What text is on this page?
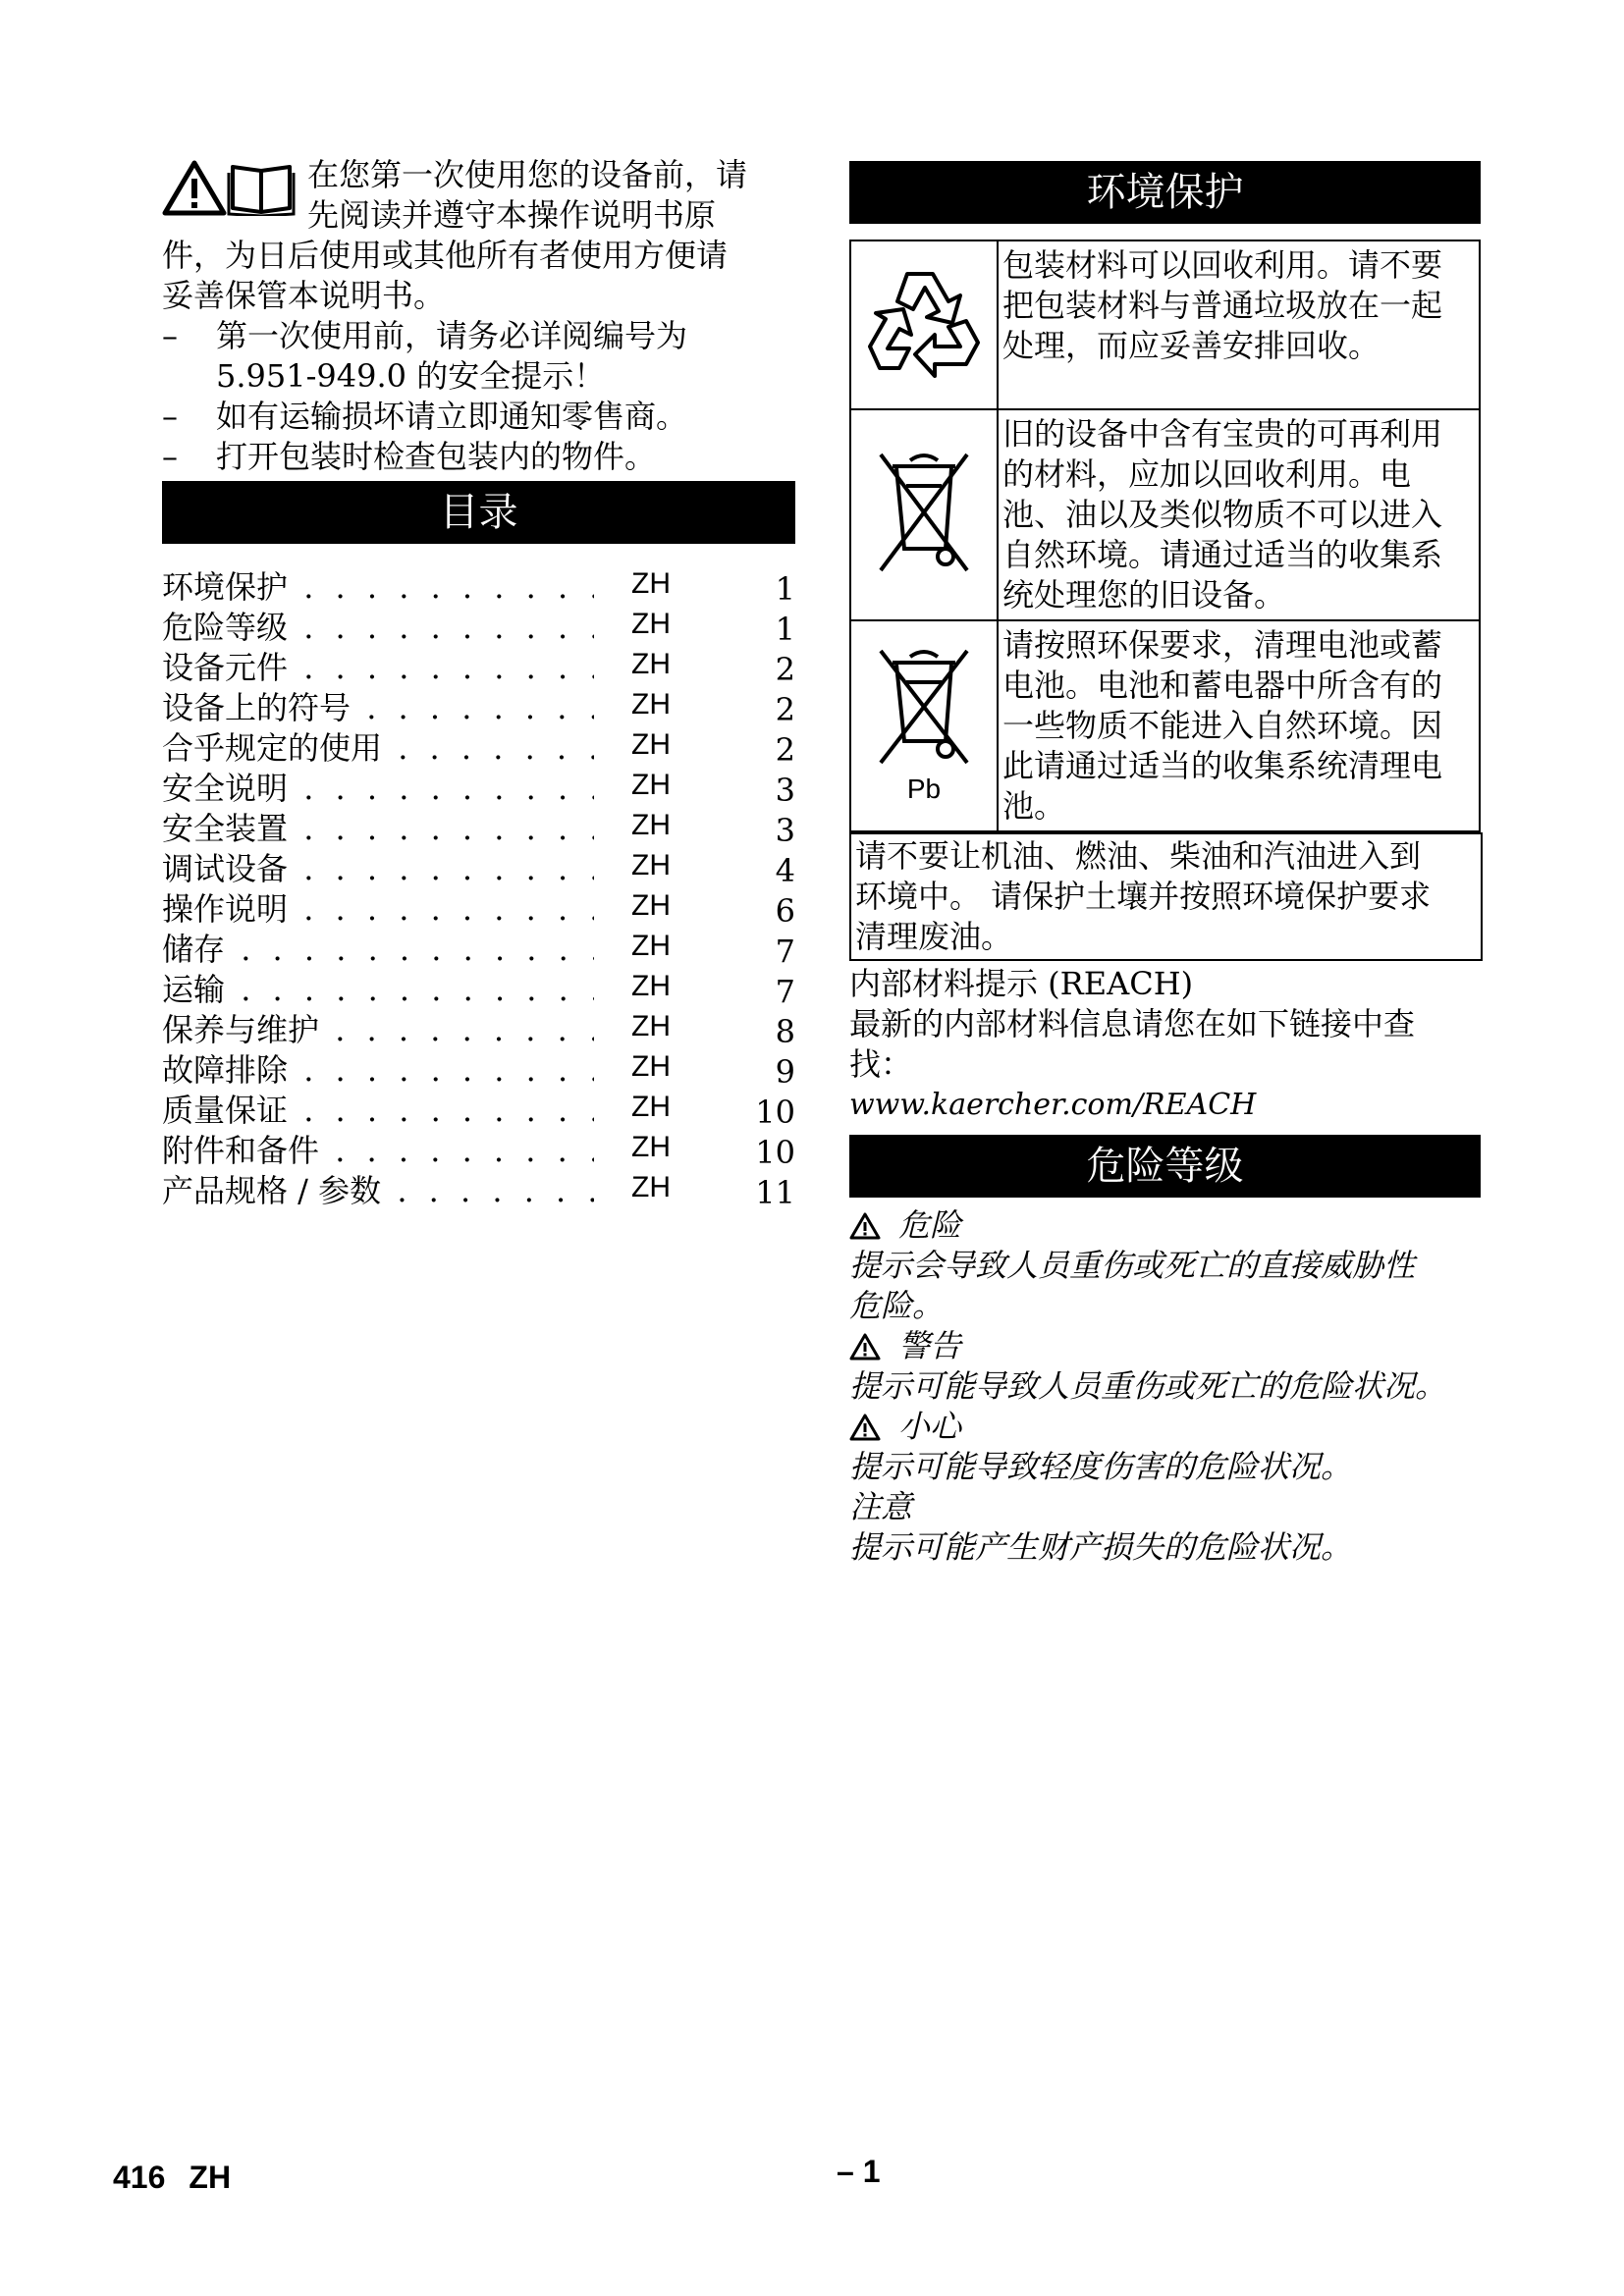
在您第一次使用您的设备前，请

先阅读并遵守本操作说明书原

件，为日后使用或其他所有者使用方便请

妥善保管本说明书。

–	第一次使用前，请务必详阅编号为
5.951-949.0 的安全提示！
–	如有运输损坏请立即通知零售商。
–	打开包装时检查包装内的物件。
目录
环境保护 . . .	ZH	1
危险等级 . . .	ZH	1
设备元件 . . .	ZH	2
设备上的符号 . . .	ZH	2
合乎规定的使用 . . .	ZH	2
安全说明 . . .	ZH	3
安全装置 . . .	ZH	3
调试设备 . . .	ZH	4
操作说明 . . .	ZH	6
储存 . . .	ZH	7
运输 . . .	ZH	7
保养与维护 . . .	ZH	8
故障排除 . . .	ZH	9
质量保证 . . .	ZH	10
附件和备件 . . .	ZH	10
产品规格 / 参数 . . .	ZH	11
环境保护

包装材料可以回收利用。请不要
把包装材料与普通垃圾放在一起
处理，而应妥善安排回收。

旧的设备中含有宝贵的可再利用
的材料，应加以回收利用。电
池、油以及类似物质不可以进入
自然环境。请通过适当的收集系
统处理您的旧设备。

Pb	请按照环保要求，清理电池或蓄
电池。电池和蓄电器中所含有的
一些物质不能进入自然环境。因
此请通过适当的收集系统清理电
池。
请不要让机油、燃油、柴油和汽油进入到
环境中。 请保护土壤并按照环境保护要求
清理废油。

内部材料提示 (REACH)

最新的内部材料信息请您在如下链接中查

找：

www.kaercher.com/REACH

危险等级
危险

提示会导致人员重伤或死亡的直接威胁性

危险。

警告

提示可能导致人员重伤或死亡的危险状况。

小心

提示可能导致轻度伤害的危险状况。

注意

提示可能产生财产损失的危险状况。

416 ZH	– 1
